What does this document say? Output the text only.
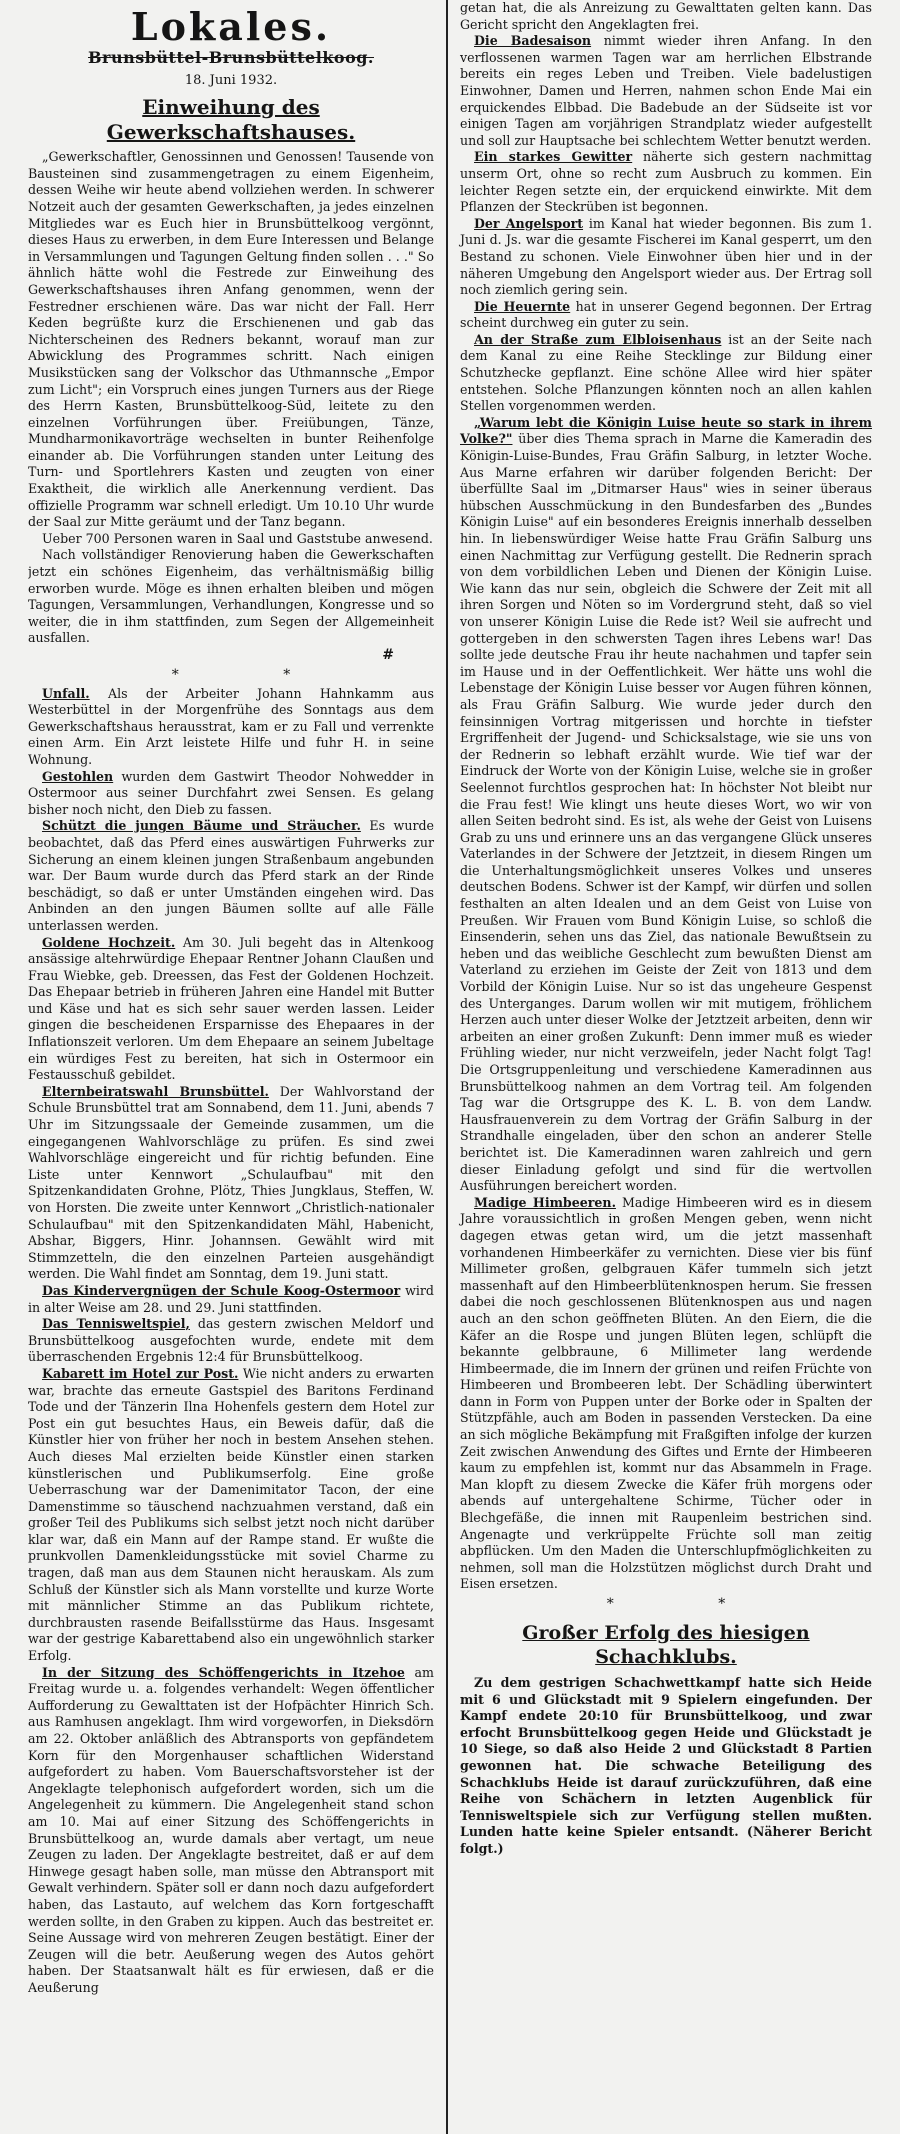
Lokales.
Brunsbüttel-Brunsbüttelkoog.
18. Juni 1932.
Einweihung des Gewerkschaftshauses.

„Gewerkschaftler, Genossinnen und Genossen! Tausende von Bausteinen sind zusammengetragen zu einem Eigenheim, dessen Weihe wir heute abend vollziehen werden. In schwerer Notzeit auch der gesamten Gewerkschaften, ja jedes einzelnen Mitgliedes war es Euch hier in Brunsbüttelkoog vergönnt, dieses Haus zu erwerben, in dem Eure Interessen und Belange in Versammlungen und Tagungen Geltung finden sollen . . ." So ähnlich hätte wohl die Festrede zur Einweihung des Gewerkschaftshauses ihren Anfang genommen, wenn der Festredner erschienen wäre. Das war nicht der Fall. Herr Keden begrüßte kurz die Erschienenen und gab das Nichterscheinen des Redners bekannt, worauf man zur Abwicklung des Programmes schritt. Nach einigen Musikstücken sang der Volkschor das Uthmannsche „Empor zum Licht"; ein Vorspruch eines jungen Turners aus der Riege des Herrn Kasten, Brunsbüttelkoog-Süd, leitete zu den einzelnen Vorführungen über. Freiübungen, Tänze, Mundharmonikavorträge wechselten in bunter Reihenfolge einander ab. Die Vorführungen standen unter Leitung des Turn- und Sportlehrers Kasten und zeugten von einer Exaktheit, die wirklich alle Anerkennung verdient. Das offizielle Programm war schnell erledigt. Um 10.10 Uhr wurde der Saal zur Mitte geräumt und der Tanz begann.

Ueber 700 Personen waren in Saal und Gaststube anwesend.

Nach vollständiger Renovierung haben die Gewerkschaften jetzt ein schönes Eigenheim, das verhältnismäßig billig erworben wurde. Möge es ihnen erhalten bleiben und mögen Tagungen, Versammlungen, Verhandlungen, Kongresse und so weiter, die in ihm stattfinden, zum Segen der Allgemeinheit ausfallen.

#
* *

Unfall. Als der Arbeiter Johann Hahnkamm aus Westerbüttel in der Morgenfrühe des Sonntags aus dem Gewerkschaftshaus herausstrat, kam er zu Fall und verrenkte einen Arm. Ein Arzt leistete Hilfe und fuhr H. in seine Wohnung.

Gestohlen wurden dem Gastwirt Theodor Nohwedder in Ostermoor aus seiner Durchfahrt zwei Sensen. Es gelang bisher noch nicht, den Dieb zu fassen.

Schützt die jungen Bäume und Sträucher. Es wurde beobachtet, daß das Pferd eines auswärtigen Fuhrwerks zur Sicherung an einem kleinen jungen Straßenbaum angebunden war. Der Baum wurde durch das Pferd stark an der Rinde beschädigt, so daß er unter Umständen eingehen wird. Das Anbinden an den jungen Bäumen sollte auf alle Fälle unterlassen werden.

Goldene Hochzeit. Am 30. Juli begeht das in Altenkoog ansässige altehrwürdige Ehepaar Rentner Johann Claußen und Frau Wiebke, geb. Dreessen, das Fest der Goldenen Hochzeit. Das Ehepaar betrieb in früheren Jahren eine Handel mit Butter und Käse und hat es sich sehr sauer werden lassen. Leider gingen die bescheidenen Ersparnisse des Ehepaares in der Inflationszeit verloren. Um dem Ehepaare an seinem Jubeltage ein würdiges Fest zu bereiten, hat sich in Ostermoor ein Festausschuß gebildet.

Elternbeiratswahl Brunsbüttel. Der Wahlvorstand der Schule Brunsbüttel trat am Sonnabend, dem 11. Juni, abends 7 Uhr im Sitzungssaale der Gemeinde zusammen, um die eingegangenen Wahlvorschläge zu prüfen. Es sind zwei Wahlvorschläge eingereicht und für richtig befunden. Eine Liste unter Kennwort „Schulaufbau" mit den Spitzenkandidaten Grohne, Plötz, Thies Jungklaus, Steffen, W. von Horsten. Die zweite unter Kennwort „Christlich-nationaler Schulaufbau" mit den Spitzenkandidaten Mähl, Habenicht, Abshar, Biggers, Hinr. Johannsen. Gewählt wird mit Stimmzetteln, die den einzelnen Parteien ausgehändigt werden. Die Wahl findet am Sonntag, dem 19. Juni statt.

Das Kindervergnügen der Schule Koog-Ostermoor wird in alter Weise am 28. und 29. Juni stattfinden.

Das Tennisweltspiel, das gestern zwischen Meldorf und Brunsbüttelkoog ausgefochten wurde, endete mit dem überraschenden Ergebnis 12:4 für Brunsbüttelkoog.

Kabarett im Hotel zur Post. Wie nicht anders zu erwarten war, brachte das erneute Gastspiel des Baritons Ferdinand Tode und der Tänzerin Ilna Hohenfels gestern dem Hotel zur Post ein gut besuchtes Haus, ein Beweis dafür, daß die Künstler hier von früher her noch in bestem Ansehen stehen. Auch dieses Mal erzielten beide Künstler einen starken künstlerischen und Publikumserfolg. Eine große Ueberraschung war der Damenimitator Tacon, der eine Damenstimme so täuschend nachzuahmen verstand, daß ein großer Teil des Publikums sich selbst jetzt noch nicht darüber klar war, daß ein Mann auf der Rampe stand. Er wußte die prunkvollen Damenkleidungsstücke mit soviel Charme zu tragen, daß man aus dem Staunen nicht herauskam. Als zum Schluß der Künstler sich als Mann vorstellte und kurze Worte mit männlicher Stimme an das Publikum richtete, durchbrausten rasende Beifallsstürme das Haus. Insgesamt war der gestrige Kabarettabend also ein ungewöhnlich starker Erfolg.

In der Sitzung des Schöffengerichts in Itzehoe am Freitag wurde u. a. folgendes verhandelt: Wegen öffentlicher Aufforderung zu Gewalttaten ist der Hofpächter Hinrich Sch. aus Ramhusen angeklagt. Ihm wird vorgeworfen, in Dieksdörn am 22. Oktober anläßlich des Abtransports von gepfändetem Korn für den Morgenhauser schaftlichen Widerstand aufgefordert zu haben. Vom Bauerschaftsvorsteher ist der Angeklagte telephonisch aufgefordert worden, sich um die Angelegenheit zu kümmern. Die Angelegenheit stand schon am 10. Mai auf einer Sitzung des Schöffengerichts in Brunsbüttelkoog an, wurde damals aber vertagt, um neue Zeugen zu laden. Der Angeklagte bestreitet, daß er auf dem Hinwege gesagt haben solle, man müsse den Abtransport mit Gewalt verhindern. Später soll er dann noch dazu aufgefordert haben, das Lastauto, auf welchem das Korn fortgeschafft werden sollte, in den Graben zu kippen. Auch das bestreitet er. Seine Aussage wird von mehreren Zeugen bestätigt. Einer der Zeugen will die betr. Aeußerung wegen des Autos gehört haben. Der Staatsanwalt hält es für erwiesen, daß er die Aeußerung

getan hat, die als Anreizung zu Gewalttaten gelten kann. Das Gericht spricht den Angeklagten frei.

Die Badesaison nimmt wieder ihren Anfang. In den verflossenen warmen Tagen war am herrlichen Elbstrande bereits ein reges Leben und Treiben. Viele badelustigen Einwohner, Damen und Herren, nahmen schon Ende Mai ein erquickendes Elbbad. Die Badebude an der Südseite ist vor einigen Tagen am vorjährigen Strandplatz wieder aufgestellt und soll zur Hauptsache bei schlechtem Wetter benutzt werden.

Ein starkes Gewitter näherte sich gestern nachmittag unserm Ort, ohne so recht zum Ausbruch zu kommen. Ein leichter Regen setzte ein, der erquickend einwirkte. Mit dem Pflanzen der Steckrüben ist begonnen.

Der Angelsport im Kanal hat wieder begonnen. Bis zum 1. Juni d. Js. war die gesamte Fischerei im Kanal gesperrt, um den Bestand zu schonen. Viele Einwohner üben hier und in der näheren Umgebung den Angelsport wieder aus. Der Ertrag soll noch ziemlich gering sein.

Die Heuernte hat in unserer Gegend begonnen. Der Ertrag scheint durchweg ein guter zu sein.

An der Straße zum Elbloisenhaus ist an der Seite nach dem Kanal zu eine Reihe Stecklinge zur Bildung einer Schutzhecke gepflanzt. Eine schöne Allee wird hier später entstehen. Solche Pflanzungen könnten noch an allen kahlen Stellen vorgenommen werden.

„Warum lebt die Königin Luise heute so stark in ihrem Volke?" über dies Thema sprach in Marne die Kameradin des Königin-Luise-Bundes, Frau Gräfin Salburg, in letzter Woche. Aus Marne erfahren wir darüber folgenden Bericht: Der überfüllte Saal im „Ditmarser Haus" wies in seiner überaus hübschen Ausschmückung in den Bundesfarben des „Bundes Königin Luise" auf ein besonderes Ereignis innerhalb desselben hin. In liebenswürdiger Weise hatte Frau Gräfin Salburg uns einen Nachmittag zur Verfügung gestellt. Die Rednerin sprach von dem vorbildlichen Leben und Dienen der Königin Luise. Wie kann das nur sein, obgleich die Schwere der Zeit mit all ihren Sorgen und Nöten so im Vordergrund steht, daß so viel von unserer Königin Luise die Rede ist? Weil sie aufrecht und gottergeben in den schwersten Tagen ihres Lebens war! Das sollte jede deutsche Frau ihr heute nachahmen und tapfer sein im Hause und in der Oeffentlichkeit. Wer hätte uns wohl die Lebenstage der Königin Luise besser vor Augen führen können, als Frau Gräfin Salburg. Wie wurde jeder durch den feinsinnigen Vortrag mitgerissen und horchte in tiefster Ergriffenheit der Jugend- und Schicksalstage, wie sie uns von der Rednerin so lebhaft erzählt wurde. Wie tief war der Eindruck der Worte von der Königin Luise, welche sie in großer Seelennot furchtlos gesprochen hat: In höchster Not bleibt nur die Frau fest! Wie klingt uns heute dieses Wort, wo wir von allen Seiten bedroht sind. Es ist, als wehe der Geist von Luisens Grab zu uns und erinnere uns an das vergangene Glück unseres Vaterlandes in der Schwere der Jetztzeit, in diesem Ringen um die Unterhaltungsmöglichkeit unseres Volkes und unseres deutschen Bodens. Schwer ist der Kampf, wir dürfen und sollen festhalten an alten Idealen und an dem Geist von Luise von Preußen. Wir Frauen vom Bund Königin Luise, so schloß die Einsenderin, sehen uns das Ziel, das nationale Bewußtsein zu heben und das weibliche Geschlecht zum bewußten Dienst am Vaterland zu erziehen im Geiste der Zeit von 1813 und dem Vorbild der Königin Luise. Nur so ist das ungeheure Gespenst des Unterganges. Darum wollen wir mit mutigem, fröhlichem Herzen auch unter dieser Wolke der Jetztzeit arbeiten, denn wir arbeiten an einer großen Zukunft: Denn immer muß es wieder Frühling wieder, nur nicht verzweifeln, jeder Nacht folgt Tag! Die Ortsgruppenleitung und verschiedene Kameradinnen aus Brunsbüttelkoog nahmen an dem Vortrag teil. Am folgenden Tag war die Ortsgruppe des K. L. B. von dem Landw. Hausfrauenverein zu dem Vortrag der Gräfin Salburg in der Strandhalle eingeladen, über den schon an anderer Stelle berichtet ist. Die Kameradinnen waren zahlreich und gern dieser Einladung gefolgt und sind für die wertvollen Ausführungen bereichert worden.

Madige Himbeeren. Madige Himbeeren wird es in diesem Jahre voraussichtlich in großen Mengen geben, wenn nicht dagegen etwas getan wird, um die jetzt massenhaft vorhandenen Himbeerkäfer zu vernichten. Diese vier bis fünf Millimeter großen, gelbgrauen Käfer tummeln sich jetzt massenhaft auf den Himbeerblütenknospen herum. Sie fressen dabei die noch geschlossenen Blütenknospen aus und nagen auch an den schon geöffneten Blüten. An den Eiern, die die Käfer an die Rospe und jungen Blüten legen, schlüpft die bekannte gelbbraune, 6 Millimeter lang werdende Himbeermade, die im Innern der grünen und reifen Früchte von Himbeeren und Brombeeren lebt. Der Schädling überwintert dann in Form von Puppen unter der Borke oder in Spalten der Stützpfähle, auch am Boden in passenden Verstecken. Da eine an sich mögliche Bekämpfung mit Fraßgiften infolge der kurzen Zeit zwischen Anwendung des Giftes und Ernte der Himbeeren kaum zu empfehlen ist, kommt nur das Absammeln in Frage. Man klopft zu diesem Zwecke die Käfer früh morgens oder abends auf untergehaltene Schirme, Tücher oder in Blechgefäße, die innen mit Raupenleim bestrichen sind. Angenagte und verkrüppelte Früchte soll man zeitig abpflücken. Um den Maden die Unterschlupfmöglichkeiten zu nehmen, soll man die Holzstützen möglichst durch Draht und Eisen ersetzen.

* *
Großer Erfolg des hiesigen Schachklubs.

Zu dem gestrigen Schachwettkampf hatte sich Heide mit 6 und Glückstadt mit 9 Spielern eingefunden. Der Kampf endete 20:10 für Brunsbüttelkoog, und zwar erfocht Brunsbüttelkoog gegen Heide und Glückstadt je 10 Siege, so daß also Heide 2 und Glückstadt 8 Partien gewonnen hat. Die schwache Beteiligung des Schachklubs Heide ist darauf zurückzuführen, daß eine Reihe von Schächern in letzten Augenblick für Tennisweltspiele sich zur Verfügung stellen mußten. Lunden hatte keine Spieler entsandt. (Näherer Bericht folgt.)
